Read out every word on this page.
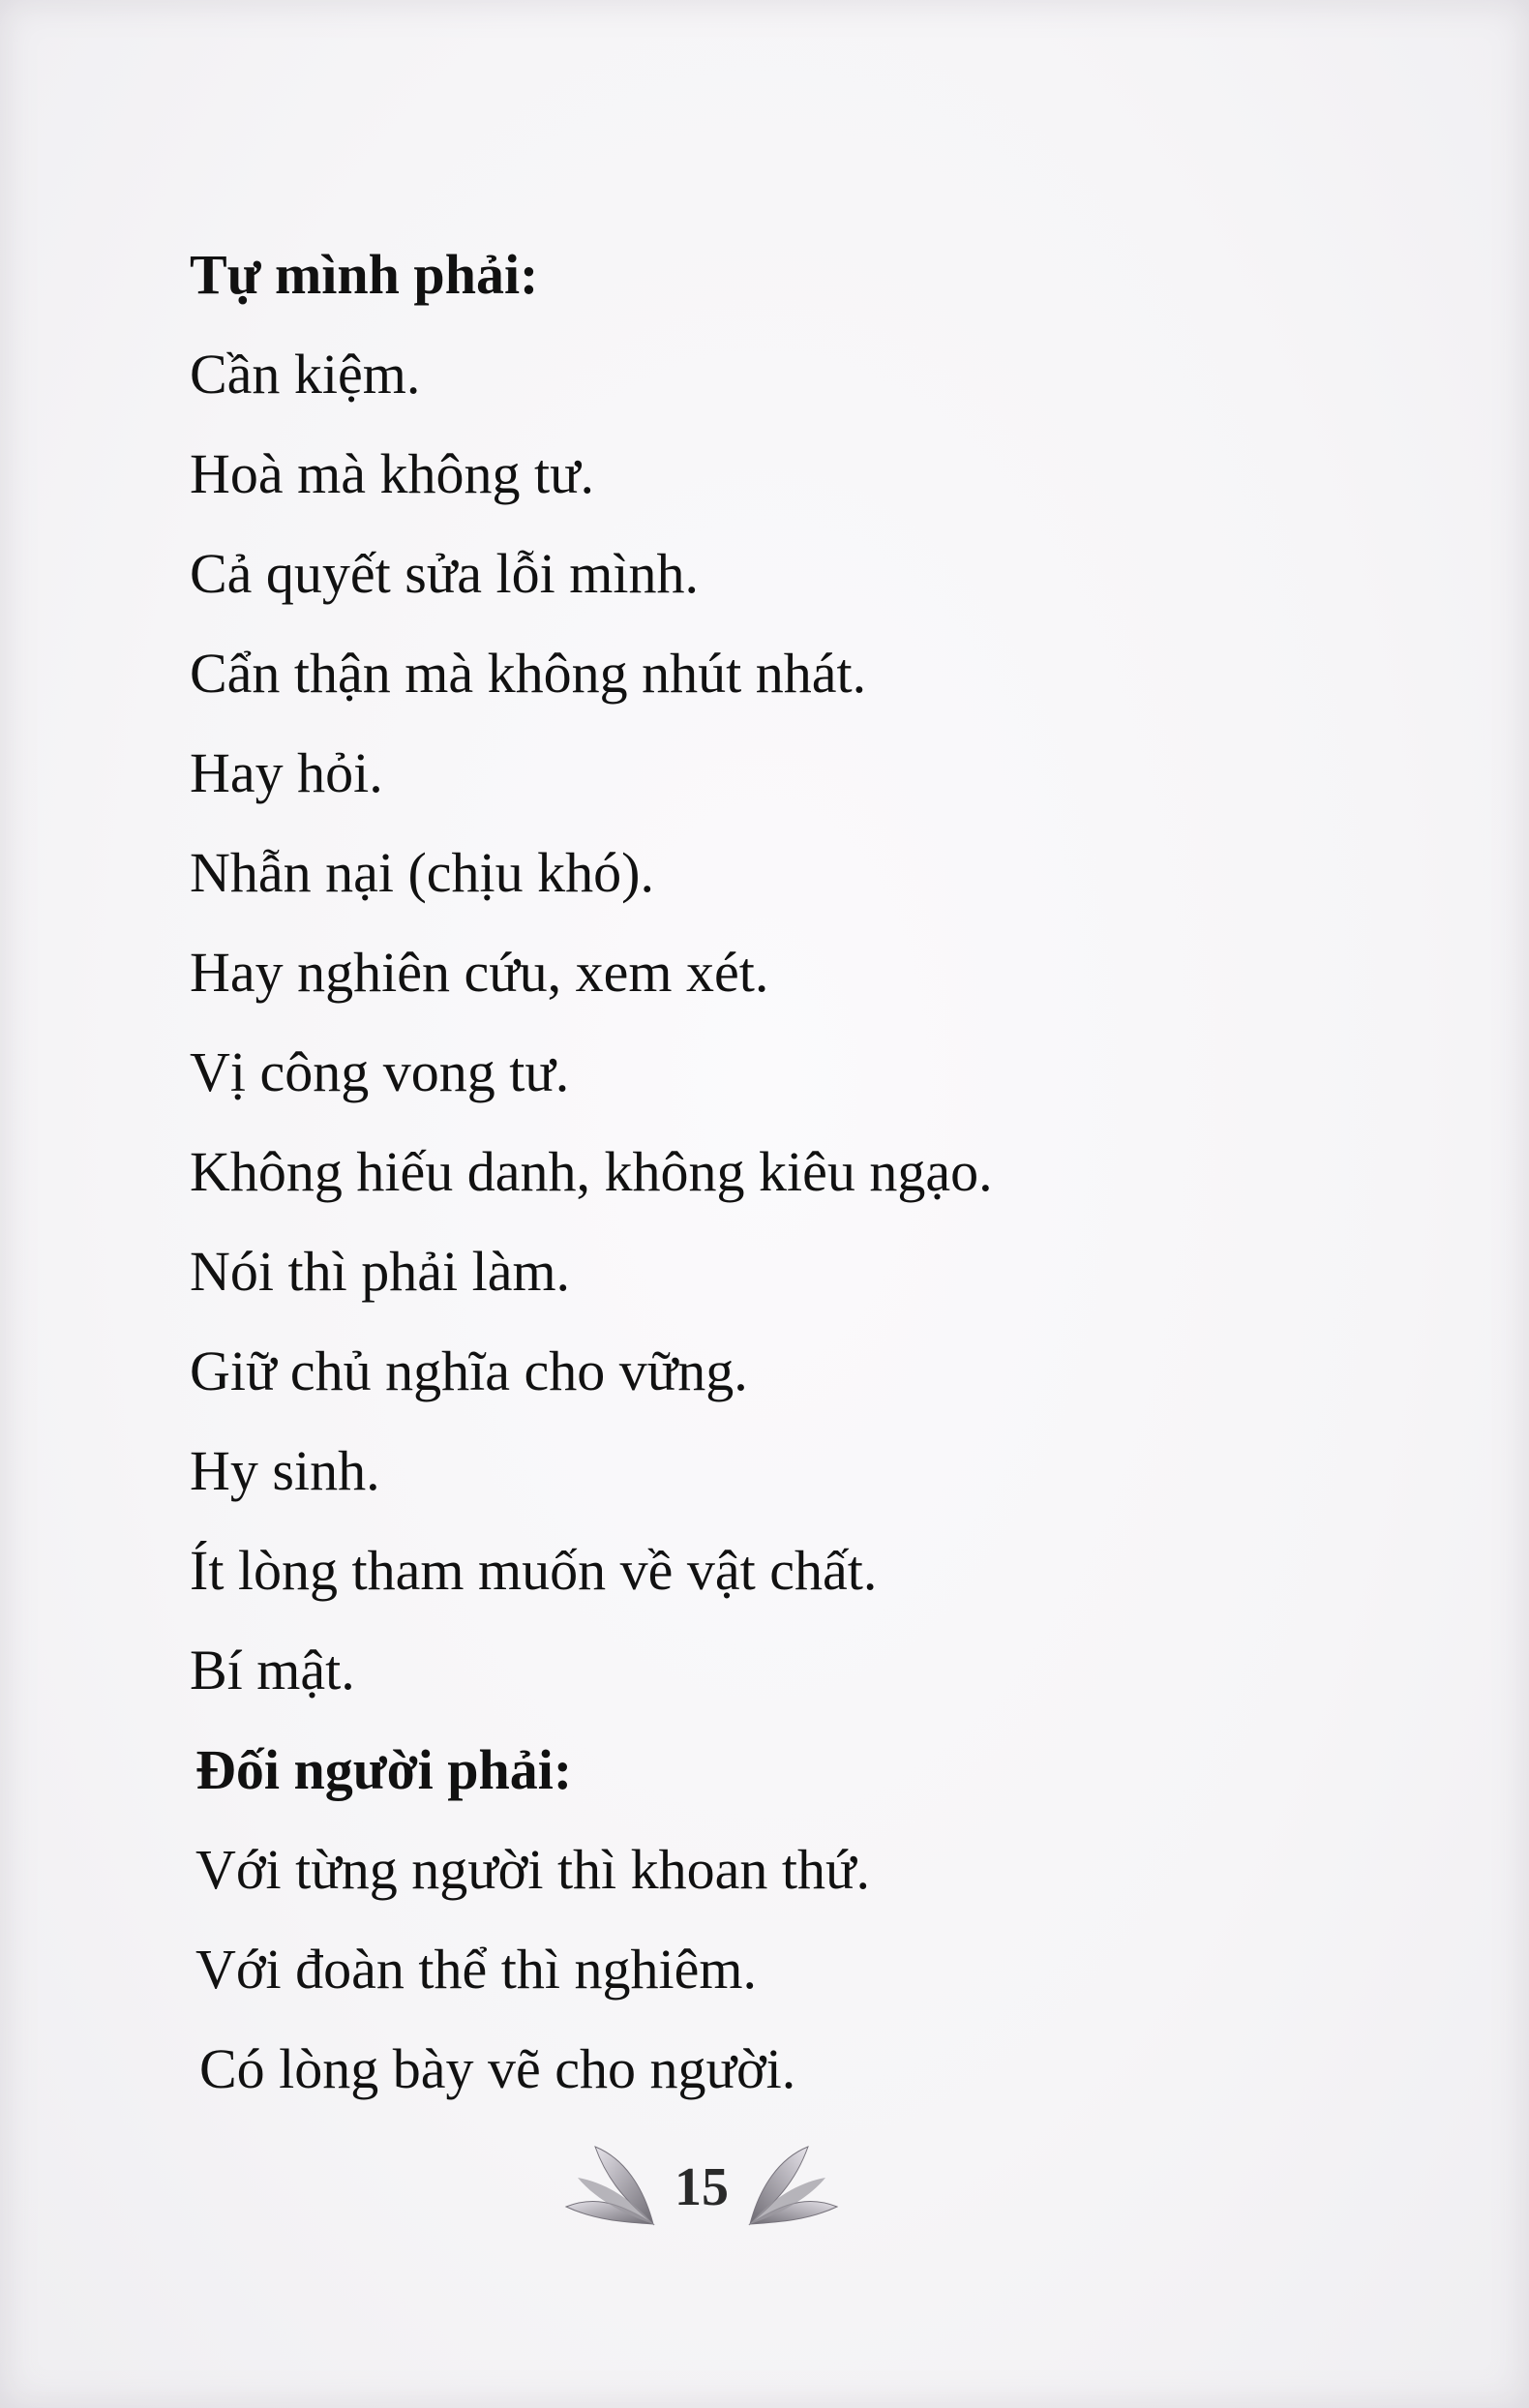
Tự mình phải:
Cần kiệm.
Hoà mà không tư.
Cả quyết sửa lỗi mình.
Cẩn thận mà không nhút nhát.
Hay hỏi.
Nhẫn nại (chịu khó).
Hay nghiên cứu, xem xét.
Vị công vong tư.
Không hiếu danh, không kiêu ngạo.
Nói thì phải làm.
Giữ chủ nghĩa cho vững.
Hy sinh.
Ít lòng tham muốn về vật chất.
Bí mật.
Đối người phải:
Với từng người thì khoan thứ.
Với đoàn thể thì nghiêm.
Có lòng bày vẽ cho người.
15
